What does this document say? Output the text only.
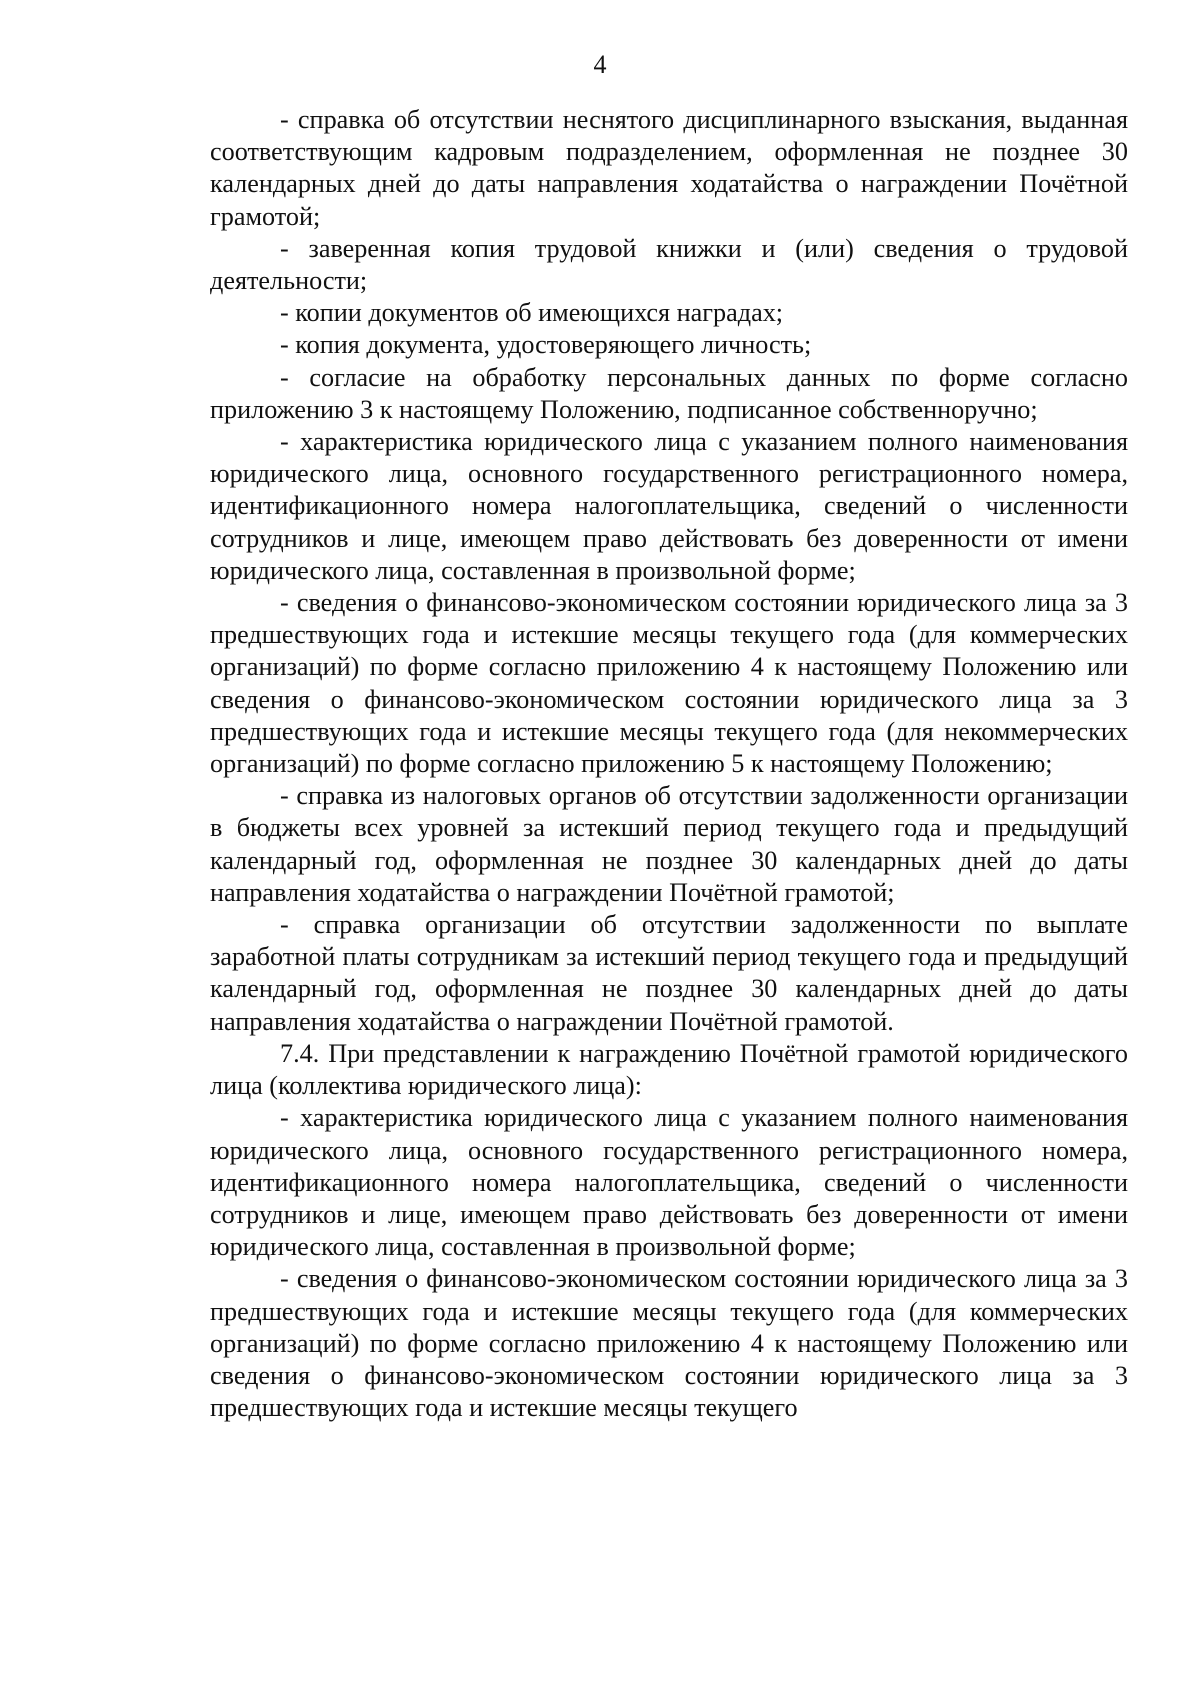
4

- справка об отсутствии неснятого дисциплинарного взыскания, выданная соответствующим кадровым подразделением, оформленная не позднее 30 календарных дней до даты направления ходатайства о награждении Почётной грамотой;

- заверенная копия трудовой книжки и (или) сведения о трудовой деятельности;

- копии документов об имеющихся наградах;

- копия документа, удостоверяющего личность;

- согласие на обработку персональных данных по форме согласно приложению 3 к настоящему Положению, подписанное собственноручно;

- характеристика юридического лица с указанием полного наименования юридического лица, основного государственного регистрационного номера, идентификационного номера налогоплательщика, сведений о численности сотрудников и лице, имеющем право действовать без доверенности от имени юридического лица, составленная в произвольной форме;

- сведения о финансово-экономическом состоянии юридического лица за 3 предшествующих года и истекшие месяцы текущего года (для коммерческих организаций) по форме согласно приложению 4 к настоящему Положению или сведения о финансово-экономическом состоянии юридического лица за 3 предшествующих года и истекшие месяцы текущего года (для некоммерческих организаций) по форме согласно приложению 5 к настоящему Положению;

- справка из налоговых органов об отсутствии задолженности организации в бюджеты всех уровней за истекший период текущего года и предыдущий календарный год, оформленная не позднее 30 календарных дней до даты направления ходатайства о награждении Почётной грамотой;

- справка организации об отсутствии задолженности по выплате заработной платы сотрудникам за истекший период текущего года и предыдущий календарный год, оформленная не позднее 30 календарных дней до даты направления ходатайства о награждении Почётной грамотой.

7.4. При представлении к награждению Почётной грамотой юридического лица (коллектива юридического лица):

- характеристика юридического лица с указанием полного наименования юридического лица, основного государственного регистрационного номера, идентификационного номера налогоплательщика, сведений о численности сотрудников и лице, имеющем право действовать без доверенности от имени юридического лица, составленная в произвольной форме;

- сведения о финансово-экономическом состоянии юридического лица за 3 предшествующих года и истекшие месяцы текущего года (для коммерческих организаций) по форме согласно приложению 4 к настоящему Положению или сведения о финансово-экономическом состоянии юридического лица за 3 предшествующих года и истекшие месяцы текущего
